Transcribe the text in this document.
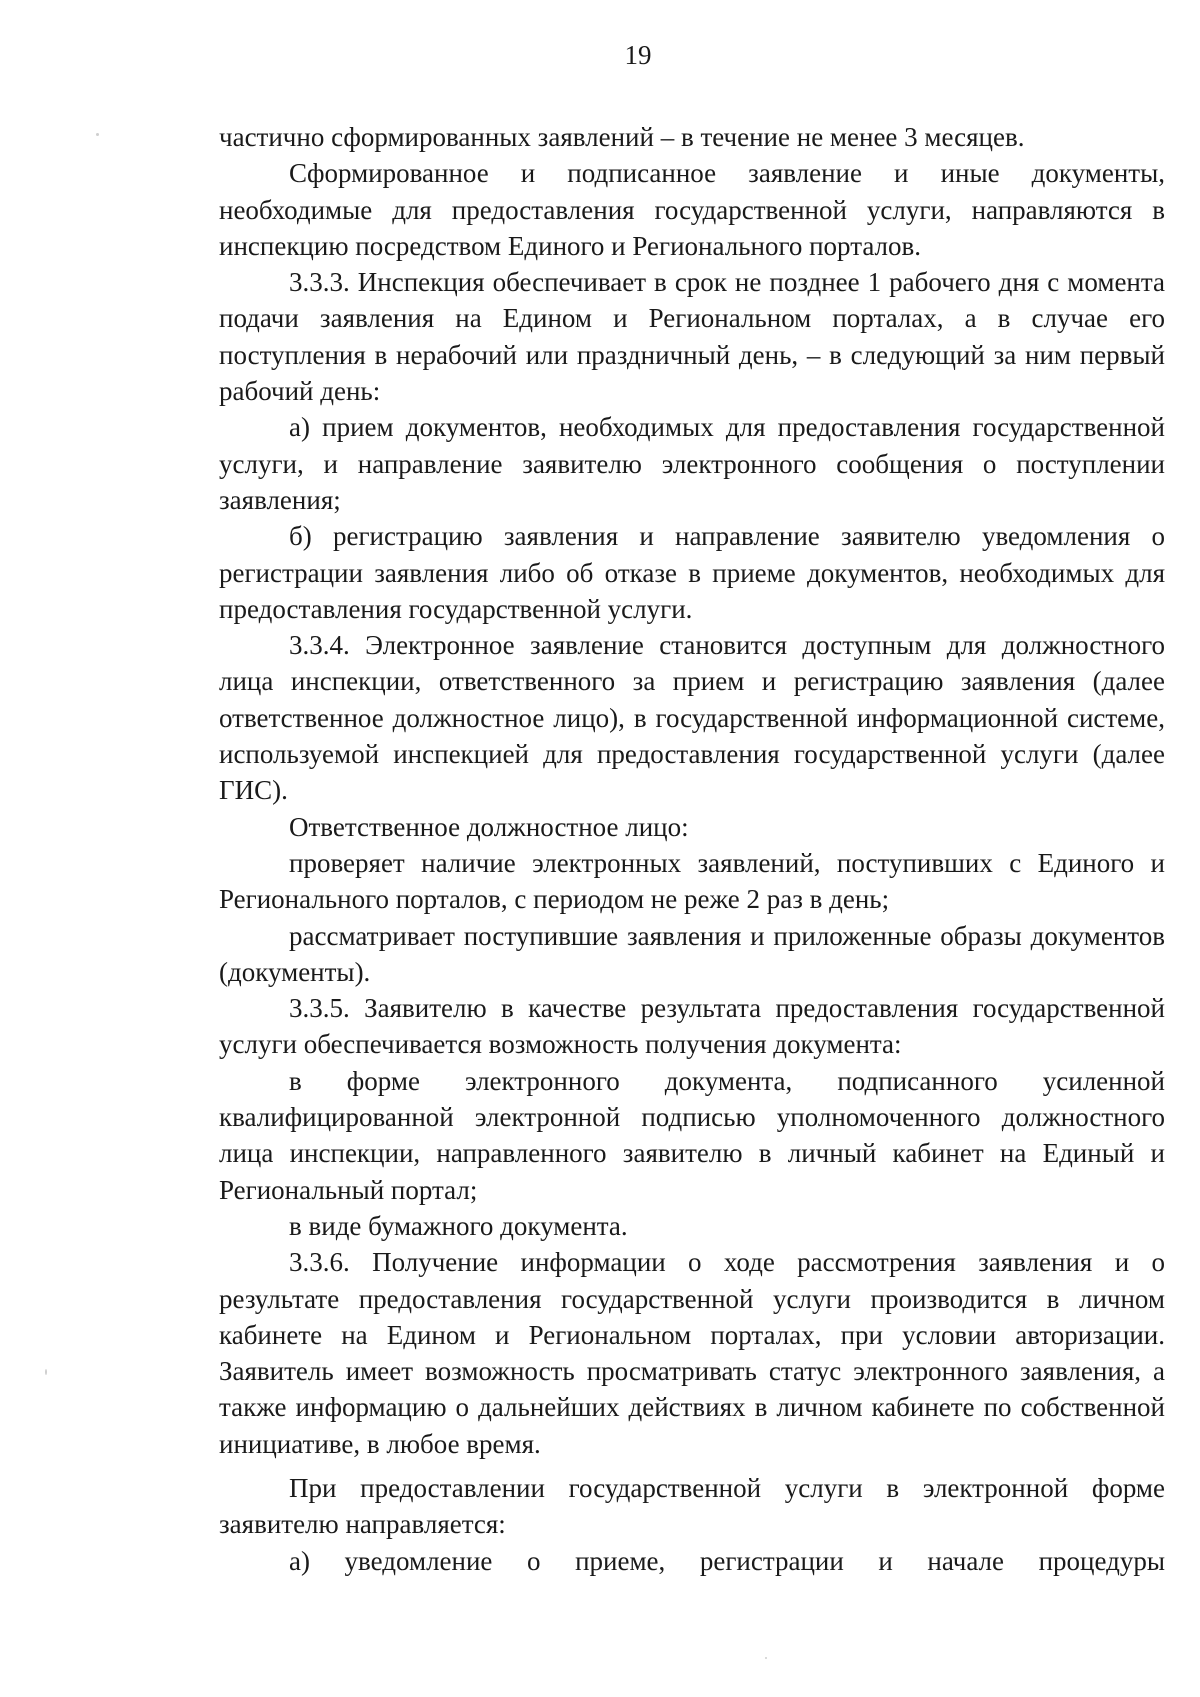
19

частично сформированных заявлений – в течение не менее 3 месяцев.

Сформированное и подписанное заявление и иные документы, необходимые для предоставления государственной услуги, направляются в инспекцию посредством Единого и Регионального порталов.

3.3.3. Инспекция обеспечивает в срок не позднее 1 рабочего дня с момента подачи заявления на Едином и Региональном порталах, а в случае его поступления в нерабочий или праздничный день, – в следующий за ним первый рабочий день:

а) прием документов, необходимых для предоставления государственной услуги, и направление заявителю электронного сообщения о поступлении заявления;

б) регистрацию заявления и направление заявителю уведомления о регистрации заявления либо об отказе в приеме документов, необходимых для предоставления государственной услуги.

3.3.4. Электронное заявление становится доступным для должностного лица инспекции, ответственного за прием и регистрацию заявления (далее ответственное должностное лицо), в государственной информационной системе, используемой инспекцией для предоставления государственной услуги (далее ГИС).

Ответственное должностное лицо:

проверяет наличие электронных заявлений, поступивших с Единого и Регионального порталов, с периодом не реже 2 раз в день;

рассматривает поступившие заявления и приложенные образы документов (документы).

3.3.5. Заявителю в качестве результата предоставления государственной услуги обеспечивается возможность получения документа:

в форме электронного документа, подписанного усиленной квалифицированной электронной подписью уполномоченного должностного лица инспекции, направленного заявителю в личный кабинет на Единый и Региональный портал;

в виде бумажного документа.

3.3.6. Получение информации о ходе рассмотрения заявления и о результате предоставления государственной услуги производится в личном кабинете на Едином и Региональном порталах, при условии авторизации. Заявитель имеет возможность просматривать статус электронного заявления, а также информацию о дальнейших действиях в личном кабинете по собственной инициативе, в любое время.

При предоставлении государственной услуги в электронной форме заявителю направляется:

а) уведомление о приеме, регистрации и начале процедуры
